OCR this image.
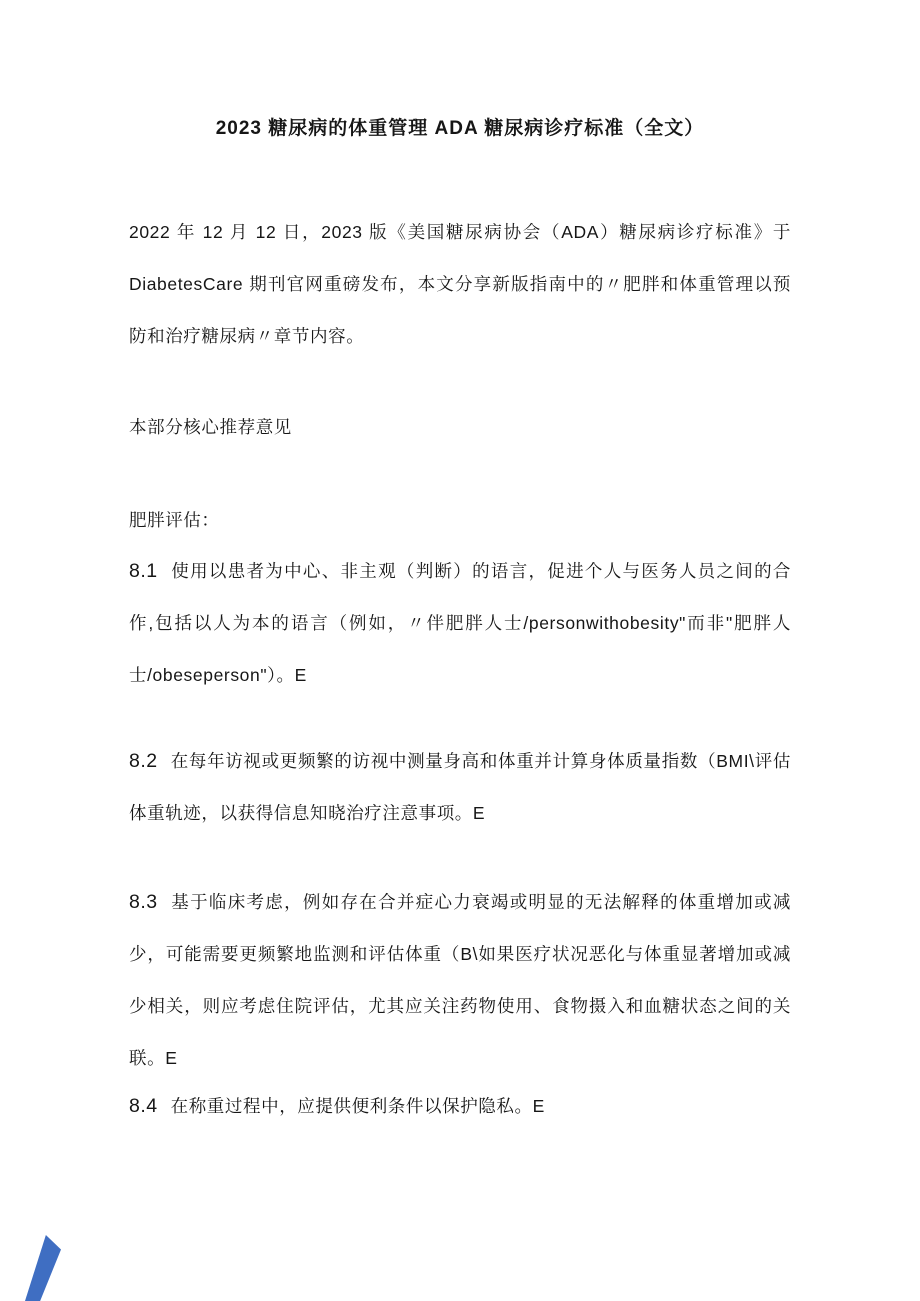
2023 糖尿病的体重管理 ADA 糖尿病诊疗标准（全文）

2022 年 12 月 12 日，2023 版《美国糖尿病协会（ADA）糖尿病诊疗标准》于 DiabetesCare 期刊官网重磅发布，本文分享新版指南中的〃肥胖和体重管理以预防和治疗糖尿病〃章节内容。

本部分核心推荐意见

肥胖评估：

8.1 使用以患者为中心、非主观（判断）的语言，促进个人与医务人员之间的合作,包括以人为本的语言（例如，〃伴肥胖人士/personwithobesity"而非"肥胖人士/obeseperson"）。E

8.2 在每年访视或更频繁的访视中测量身高和体重并计算身体质量指数（BMI\评估体重轨迹，以获得信息知晓治疗注意事项。E

8.3 基于临床考虑，例如存在合并症心力衰竭或明显的无法解释的体重增加或减少，可能需要更频繁地监测和评估体重（B\如果医疗状况恶化与体重显著增加或减少相关，则应考虑住院评估，尤其应关注药物使用、食物摄入和血糖状态之间的关联。E

8.4 在称重过程中，应提供便利条件以保护隐私。E
